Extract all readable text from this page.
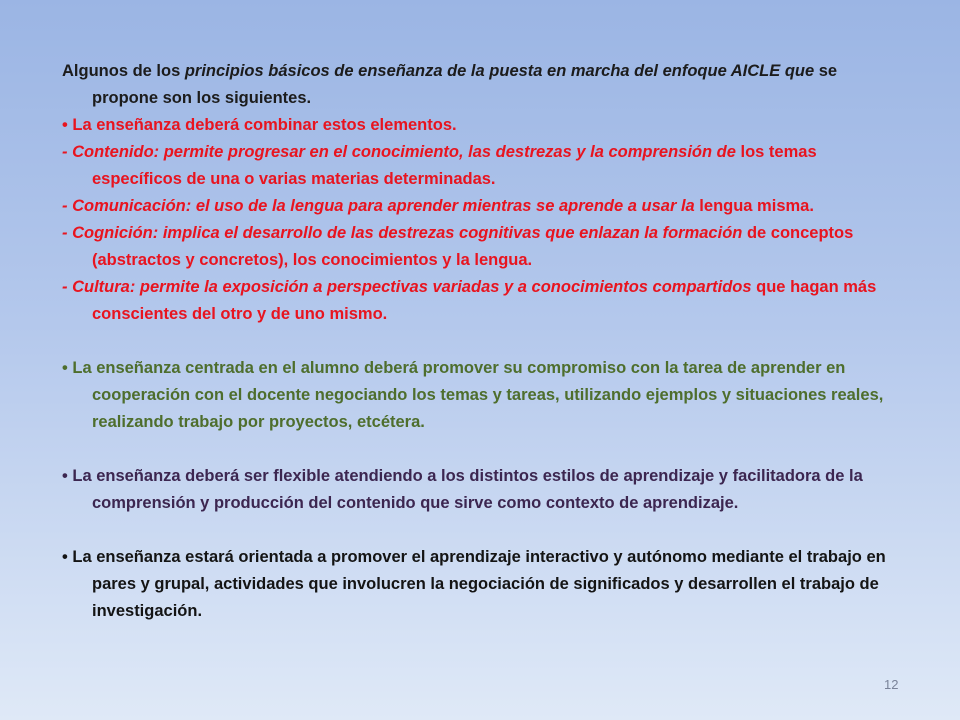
Algunos de los principios básicos de enseñanza de la puesta en marcha del enfoque AICLE que se propone son los siguientes.

• La enseñanza deberá combinar estos elementos.

- Contenido: permite progresar en el conocimiento, las destrezas y la comprensión de los temas específicos de una o varias materias determinadas.

- Comunicación: el uso de la lengua para aprender mientras se aprende a usar la lengua misma.

- Cognición: implica el desarrollo de las destrezas cognitivas que enlazan la formación de conceptos (abstractos y concretos), los conocimientos y la lengua.

- Cultura: permite la exposición a perspectivas variadas y a conocimientos compartidos que hagan más conscientes del otro y de uno mismo.

• La enseñanza centrada en el alumno deberá promover su compromiso con la tarea de aprender en cooperación con el docente negociando los temas y tareas, utilizando ejemplos y situaciones reales, realizando trabajo por proyectos, etcétera.

• La enseñanza deberá ser flexible atendiendo a los distintos estilos de aprendizaje y facilitadora de la comprensión y producción del contenido que sirve como contexto de aprendizaje.

• La enseñanza estará orientada a promover el aprendizaje interactivo y autónomo mediante el trabajo en pares y grupal, actividades que involucren la negociación de significados y desarrollen el trabajo de investigación.

12
